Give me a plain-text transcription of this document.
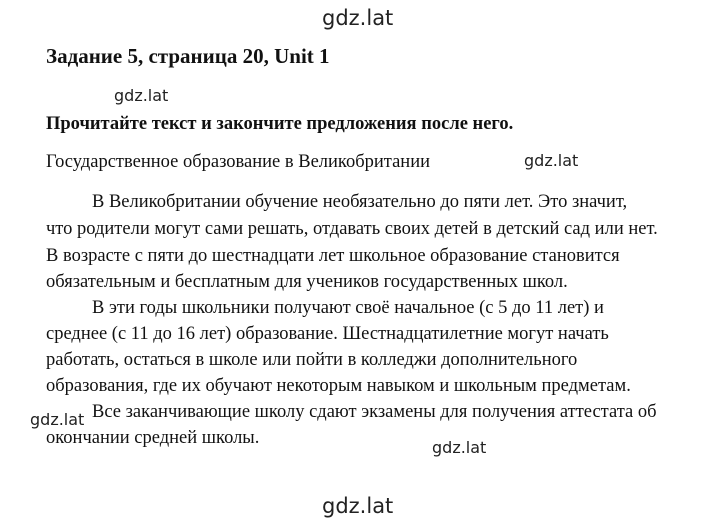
gdz.lat
Задание 5, страница 20, Unit 1
gdz.lat
Прочитайте текст и закончите предложения после него.
Государственное образование в Великобритании	gdz.lat
В Великобритании обучение необязательно до пяти лет. Это значит,
что родители могут сами решать, отдавать своих детей в детский сад или нет.
В возрасте с пяти до шестнадцати лет школьное образование становится
обязательным и бесплатным для учеников государственных школ.
В эти годы школьники получают своё начальное (с 5 до 11 лет) и
среднее (с 11 до 16 лет) образование. Шестнадцатилетние могут начать
работать, остаться в школе или пойти в колледжи дополнительного
образования, где их обучают некоторым навыком и школьным предметам.
Все заканчивающие школу сдают экзамены для получения аттестата об
окончании средней школы.
gdz.lat
gdz.lat
gdz.lat
